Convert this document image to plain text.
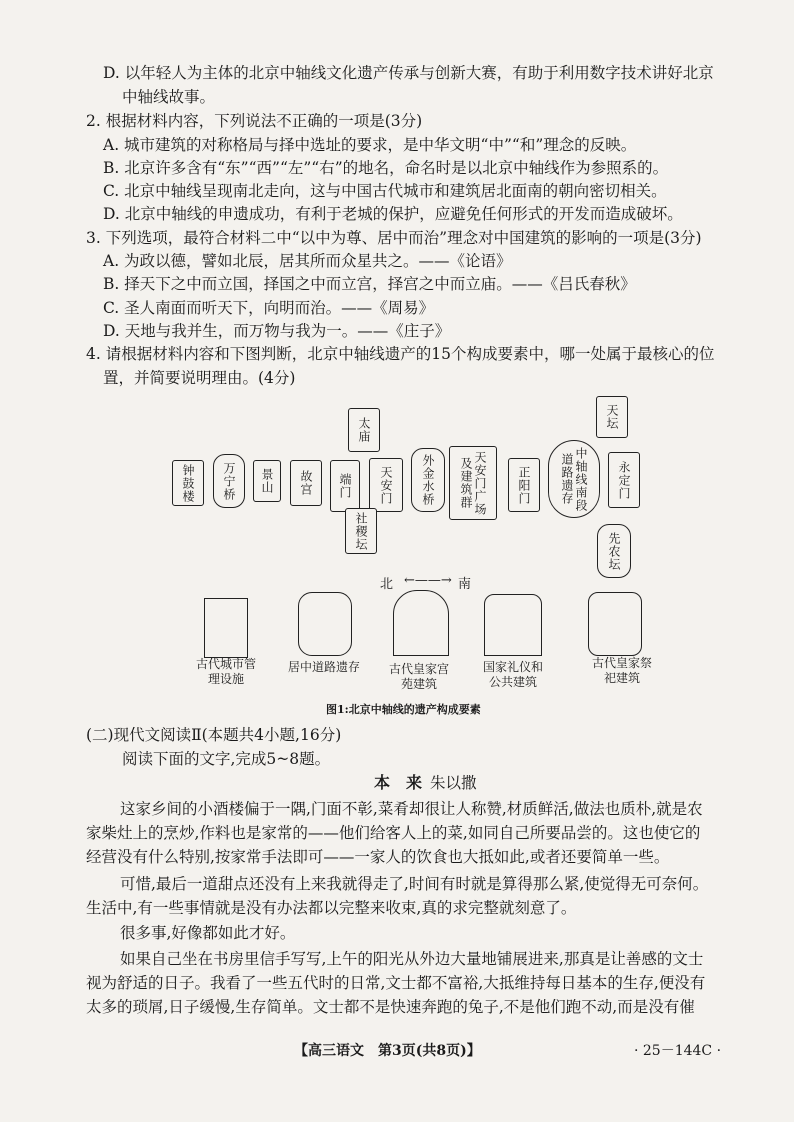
D. 以年轻人为主体的北京中轴线文化遗产传承与创新大赛，有助于利用数字技术讲好北京
中轴线故事。
2. 根据材料内容，下列说法不正确的一项是(3分)
A. 城市建筑的对称格局与择中选址的要求，是中华文明“中”“和”理念的反映。
B. 北京许多含有“东”“西”“左”“右”的地名，命名时是以北京中轴线作为参照系的。
C. 北京中轴线呈现南北走向，这与中国古代城市和建筑居北面南的朝向密切相关。
D. 北京中轴线的申遗成功，有利于老城的保护，应避免任何形式的开发而造成破坏。
3. 下列选项，最符合材料二中“以中为尊、居中而治”理念对中国建筑的影响的一项是(3分)
A. 为政以德，譬如北辰，居其所而众星共之。——《论语》
B. 择天下之中而立国，择国之中而立宫，择宫之中而立庙。——《吕氏春秋》
C. 圣人南面而听天下，向明而治。——《周易》
D. 天地与我并生，而万物与我为一。——《庄子》
4. 请根据材料内容和下图判断，北京中轴线遗产的15个构成要素中，哪一处属于最核心的位
置，并简要说明理由。(4分)
太庙	天坛
钟鼓楼	万宁桥	景山	故宫	端门	天安门
社稷坛
外金水桥	天安门广场及建筑群	正阳门	中轴线南段道路遗存	永定门
先农坛
北 ←——→ 南
古代城市管理设施
居中道路遗存 古代皇家宫苑建筑
国家礼仪和公共建筑
古代皇家祭祀建筑
图1:北京中轴线的遗产构成要素
(二)现代文阅读Ⅱ(本题共4小题,16分)
阅读下面的文字,完成5~8题。
本　来 朱以撒
这家乡间的小酒楼偏于一隅,门面不彰,菜肴却很让人称赞,材质鲜活,做法也质朴,就是农
家柴灶上的烹炒,作料也是家常的——他们给客人上的菜,如同自己所要品尝的。这也使它的
经营没有什么特别,按家常手法即可——一家人的饮食也大抵如此,或者还要简单一些。
可惜,最后一道甜点还没有上来我就得走了,时间有时就是算得那么紧,使觉得无可奈何。
生活中,有一些事情就是没有办法都以完整来收束,真的求完整就刻意了。
很多事,好像都如此才好。
如果自己坐在书房里信手写写,上午的阳光从外边大量地铺展进来,那真是让善感的文士
视为舒适的日子。我看了一些五代时的日常,文士都不富裕,大抵维持每日基本的生存,便没有
太多的琐屑,日子缓慢,生存简单。文士都不是快速奔跑的兔子,不是他们跑不动,而是没有催
【高三语文　第3页(共8页)】	· 25－144C ·
